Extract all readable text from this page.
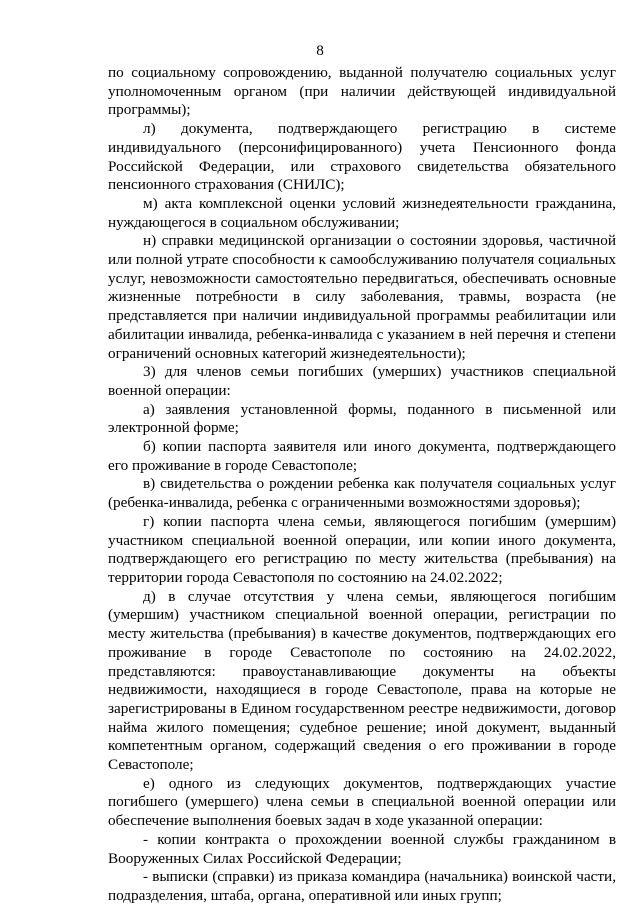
8

по социальному сопровождению, выданной получателю социальных услуг уполномоченным органом (при наличии действующей индивидуальной программы);

л) документа, подтверждающего регистрацию в системе индивидуального (персонифицированного) учета Пенсионного фонда Российской Федерации, или страхового свидетельства обязательного пенсионного страхования (СНИЛС);

м) акта комплексной оценки условий жизнедеятельности гражданина, нуждающегося в социальном обслуживании;

н) справки медицинской организации о состоянии здоровья, частичной или полной утрате способности к самообслуживанию получателя социальных услуг, невозможности самостоятельно передвигаться, обеспечивать основные жизненные потребности в силу заболевания, травмы, возраста (не представляется при наличии индивидуальной программы реабилитации или абилитации инвалида, ребенка-инвалида с указанием в ней перечня и степени ограничений основных категорий жизнедеятельности);

3) для членов семьи погибших (умерших) участников специальной военной операции:

а) заявления установленной формы, поданного в письменной или электронной форме;

б) копии паспорта заявителя или иного документа, подтверждающего его проживание в городе Севастополе;

в) свидетельства о рождении ребенка как получателя социальных услуг (ребенка-инвалида, ребенка с ограниченными возможностями здоровья);

г) копии паспорта члена семьи, являющегося погибшим (умершим) участником специальной военной операции, или копии иного документа, подтверждающего его регистрацию по месту жительства (пребывания) на территории города Севастополя по состоянию на 24.02.2022;

д) в случае отсутствия у члена семьи, являющегося погибшим (умершим) участником специальной военной операции, регистрации по месту жительства (пребывания) в качестве документов, подтверждающих его проживание в городе Севастополе по состоянию на 24.02.2022, представляются: правоустанавливающие документы на объекты недвижимости, находящиеся в городе Севастополе, права на которые не зарегистрированы в Едином государственном реестре недвижимости, договор найма жилого помещения; судебное решение; иной документ, выданный компетентным органом, содержащий сведения о его проживании в городе Севастополе;

е) одного из следующих документов, подтверждающих участие погибшего (умершего) члена семьи в специальной военной операции или обеспечение выполнения боевых задач в ходе указанной операции:

- копии контракта о прохождении военной службы гражданином в Вооруженных Силах Российской Федерации;

- выписки (справки) из приказа командира (начальника) воинской части, подразделения, штаба, органа, оперативной или иных групп;
